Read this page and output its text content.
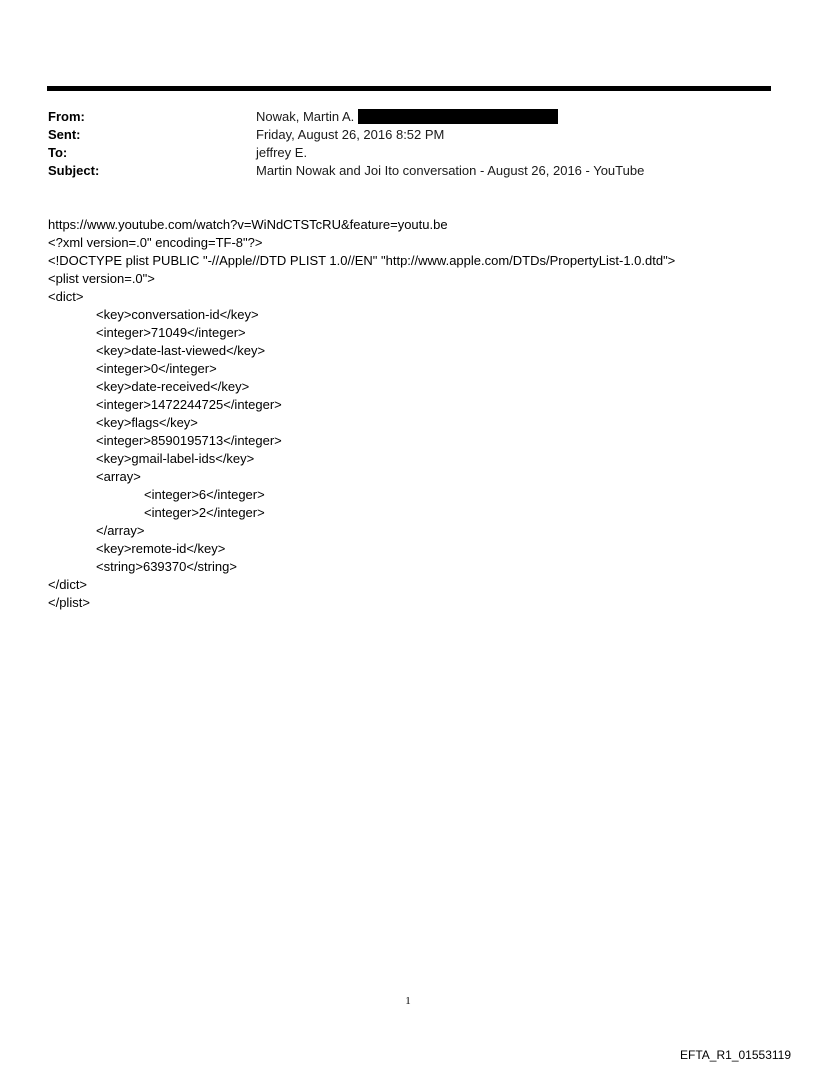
From:	Nowak, Martin A.
Sent:	Friday, August 26, 2016 8:52 PM
To:	jeffrey E.
Subject:	Martin Nowak and Joi Ito conversation - August 26, 2016 - YouTube
https://www.youtube.com/watch?v=WiNdCTSTcRU&feature=youtu.be
<?xml version=.0" encoding=TF-8"?>
<!DOCTYPE plist PUBLIC "-//Apple//DTD PLIST 1.0//EN" "http://www.apple.com/DTDs/PropertyList-1.0.dtd">
<plist version=.0">
<dict>
<key>conversation-id</key>
<integer>71049</integer>
<key>date-last-viewed</key>
<integer>0</integer>
<key>date-received</key>
<integer>1472244725</integer>
<key>flags</key>
<integer>8590195713</integer>
<key>gmail-label-ids</key>
<array>
<integer>6</integer>
<integer>2</integer>
</array>
<key>remote-id</key>
<string>639370</string>
</dict>
</plist>
1
EFTA_R1_01553119
